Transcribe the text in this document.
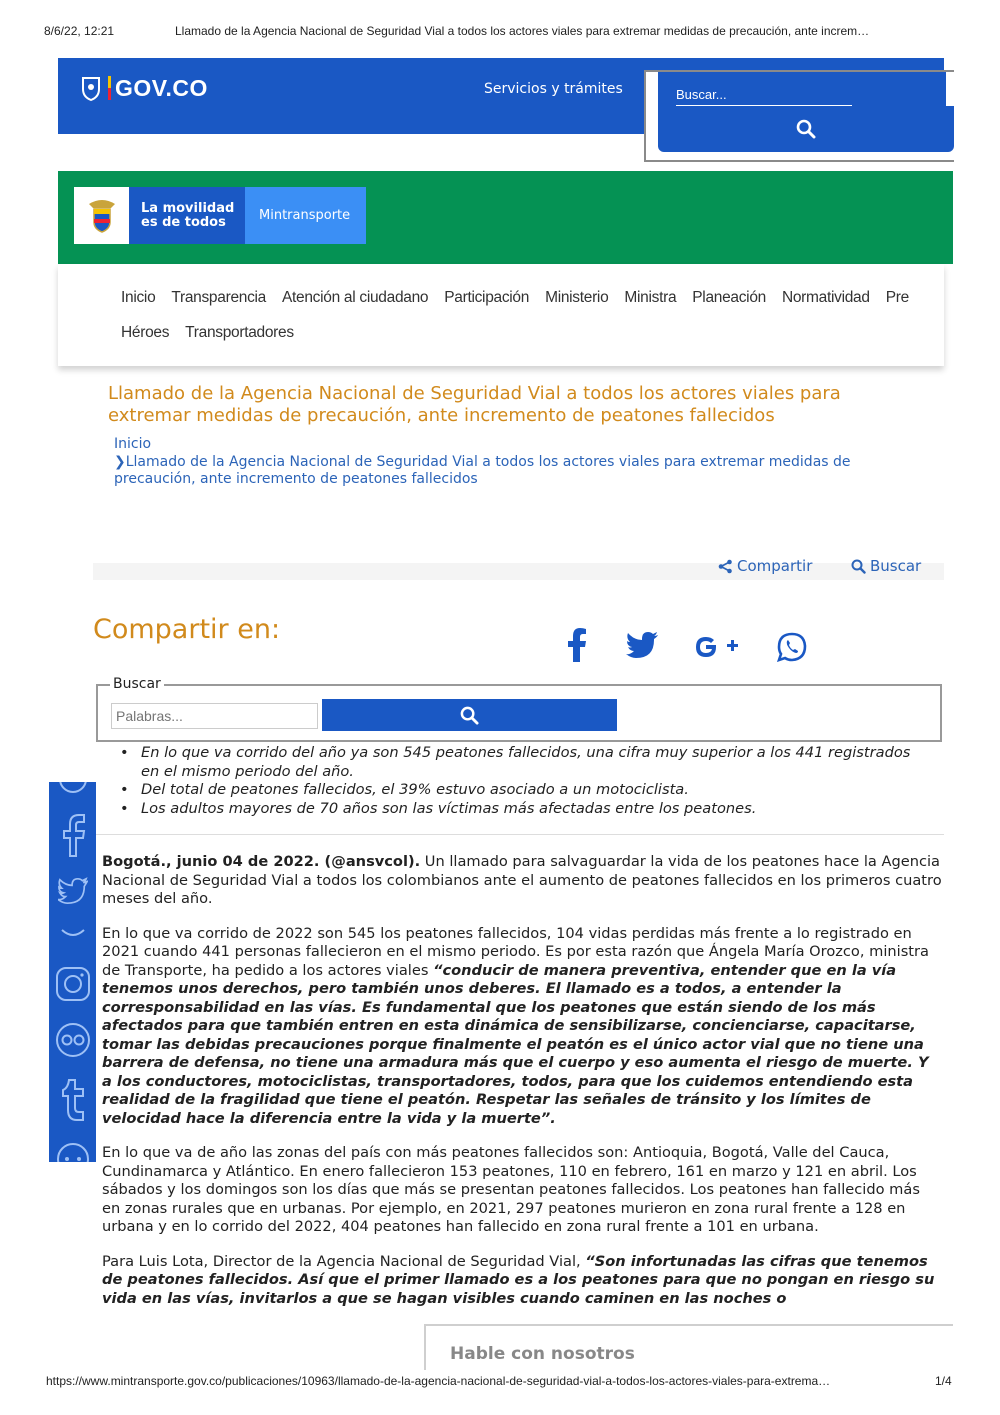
8/6/22, 12:21	Llamado de la Agencia Nacional de Seguridad Vial a todos los actores viales para extremar medidas de precaución, ante increm…
GOV.CO	Servicios y trámites
Buscar...
La movilidad es de todos	Mintransporte
Inicio Transparencia Atención al ciudadano Participación Ministerio Ministra Planeación Normatividad Pre
Héroes Transportadores
Llamado de la Agencia Nacional de Seguridad Vial a todos los actores viales para extremar medidas de precaución, ante incremento de peatones fallecidos
Inicio
❯Llamado de la Agencia Nacional de Seguridad Vial a todos los actores viales para extremar medidas de precaución, ante incremento de peatones fallecidos
Compartir	Buscar
Compartir en:
Buscar
Palabras...
• En lo que va corrido del año ya son 545 peatones fallecidos, una cifra muy superior a los 441 registrados en el mismo periodo del año.
• Del total de peatones fallecidos, el 39% estuvo asociado a un motociclista.
• Los adultos mayores de 70 años son las víctimas más afectadas entre los peatones.

Bogotá., junio 04 de 2022. (@ansvcol). Un llamado para salvaguardar la vida de los peatones hace la Agencia Nacional de Seguridad Vial a todos los colombianos ante el aumento de peatones fallecidos en los primeros cuatro meses del año.

En lo que va corrido de 2022 son 545 los peatones fallecidos, 104 vidas perdidas más frente a lo registrado en 2021 cuando 441 personas fallecieron en el mismo periodo. Es por esta razón que Ángela María Orozco, ministra de Transporte, ha pedido a los actores viales “conducir de manera preventiva, entender que en la vía tenemos unos derechos, pero también unos deberes. El llamado es a todos, a entender la corresponsabilidad en las vías. Es fundamental que los peatones que están siendo de los más afectados para que también entren en esta dinámica de sensibilizarse, concienciarse, capacitarse, tomar las debidas precauciones porque finalmente el peatón es el único actor vial que no tiene una barrera de defensa, no tiene una armadura más que el cuerpo y eso aumenta el riesgo de muerte. Y a los conductores, motociclistas, transportadores, todos, para que los cuidemos entendiendo esta realidad de la fragilidad que tiene el peatón. Respetar las señales de tránsito y los límites de velocidad hace la diferencia entre la vida y la muerte”.

En lo que va de año las zonas del país con más peatones fallecidos son: Antioquia, Bogotá, Valle del Cauca, Cundinamarca y Atlántico. En enero fallecieron 153 peatones, 110 en febrero, 161 en marzo y 121 en abril. Los sábados y los domingos son los días que más se presentan peatones fallecidos. Los peatones han fallecido más en zonas rurales que en urbanas. Por ejemplo, en 2021, 297 peatones murieron en zona rural frente a 128 en urbana y en lo corrido del 2022, 404 peatones han fallecido en zona rural frente a 101 en urbana.

Para Luis Lota, Director de la Agencia Nacional de Seguridad Vial, “Son infortunadas las cifras que tenemos de peatones fallecidos. Así que el primer llamado es a los peatones para que no pongan en riesgo su vida en las vías, invitarlos a que se hagan visibles cuando caminen en las noches o

Hable con nosotros
https://www.mintransporte.gov.co/publicaciones/10963/llamado-de-la-agencia-nacional-de-seguridad-vial-a-todos-los-actores-viales-para-extrema…	1/4
